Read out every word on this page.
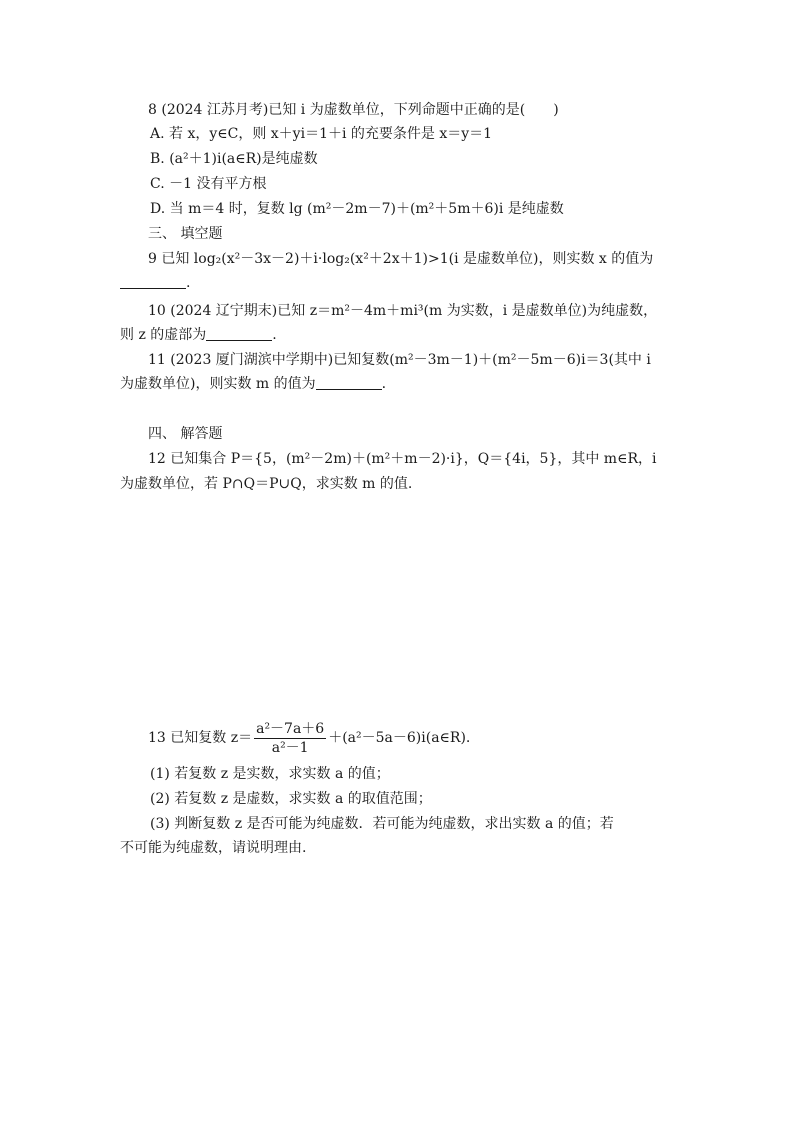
8 (2024 江苏月考)已知 i 为虚数单位，下列命题中正确的是(　　)
A. 若 x，y∈C，则 x＋yi＝1＋i 的充要条件是 x＝y＝1
B. (a²＋1)i(a∈R)是纯虚数
C. －1 没有平方根
D. 当 m＝4 时，复数 lg (m²－2m－7)＋(m²＋5m＋6)i 是纯虚数
三、 填空题
9 已知 log₂(x²－3x－2)＋i·log₂(x²＋2x＋1)>1(i 是虚数单位)，则实数 x 的值为
.
10 (2024 辽宁期末)已知 z＝m²－4m＋mi³(m 为实数，i 是虚数单位)为纯虚数，
则 z 的虚部为	.
11 (2023 厦门湖滨中学期中)已知复数(m²－3m－1)＋(m²－5m－6)i＝3(其中 i
为虚数单位)，则实数 m 的值为	.
四、 解答题
12 已知集合 P＝{5，(m²－2m)＋(m²＋m－2)·i}，Q＝{4i，5}，其中 m∈R，i
为虚数单位，若 P∩Q＝P∪Q，求实数 m 的值.
13 已知复数 $z= \frac{\text{a²－7a＋6}}{\text{a²－1}}$ ＋(a²－5a－6)i(a∈R).
(1) 若复数 z 是实数，求实数 a 的值；
(2) 若复数 z 是虚数，求实数 a 的取值范围；
(3) 判断复数 z 是否可能为纯虚数．若可能为纯虚数，求出实数 a 的值；若
不可能为纯虚数，请说明理由.
